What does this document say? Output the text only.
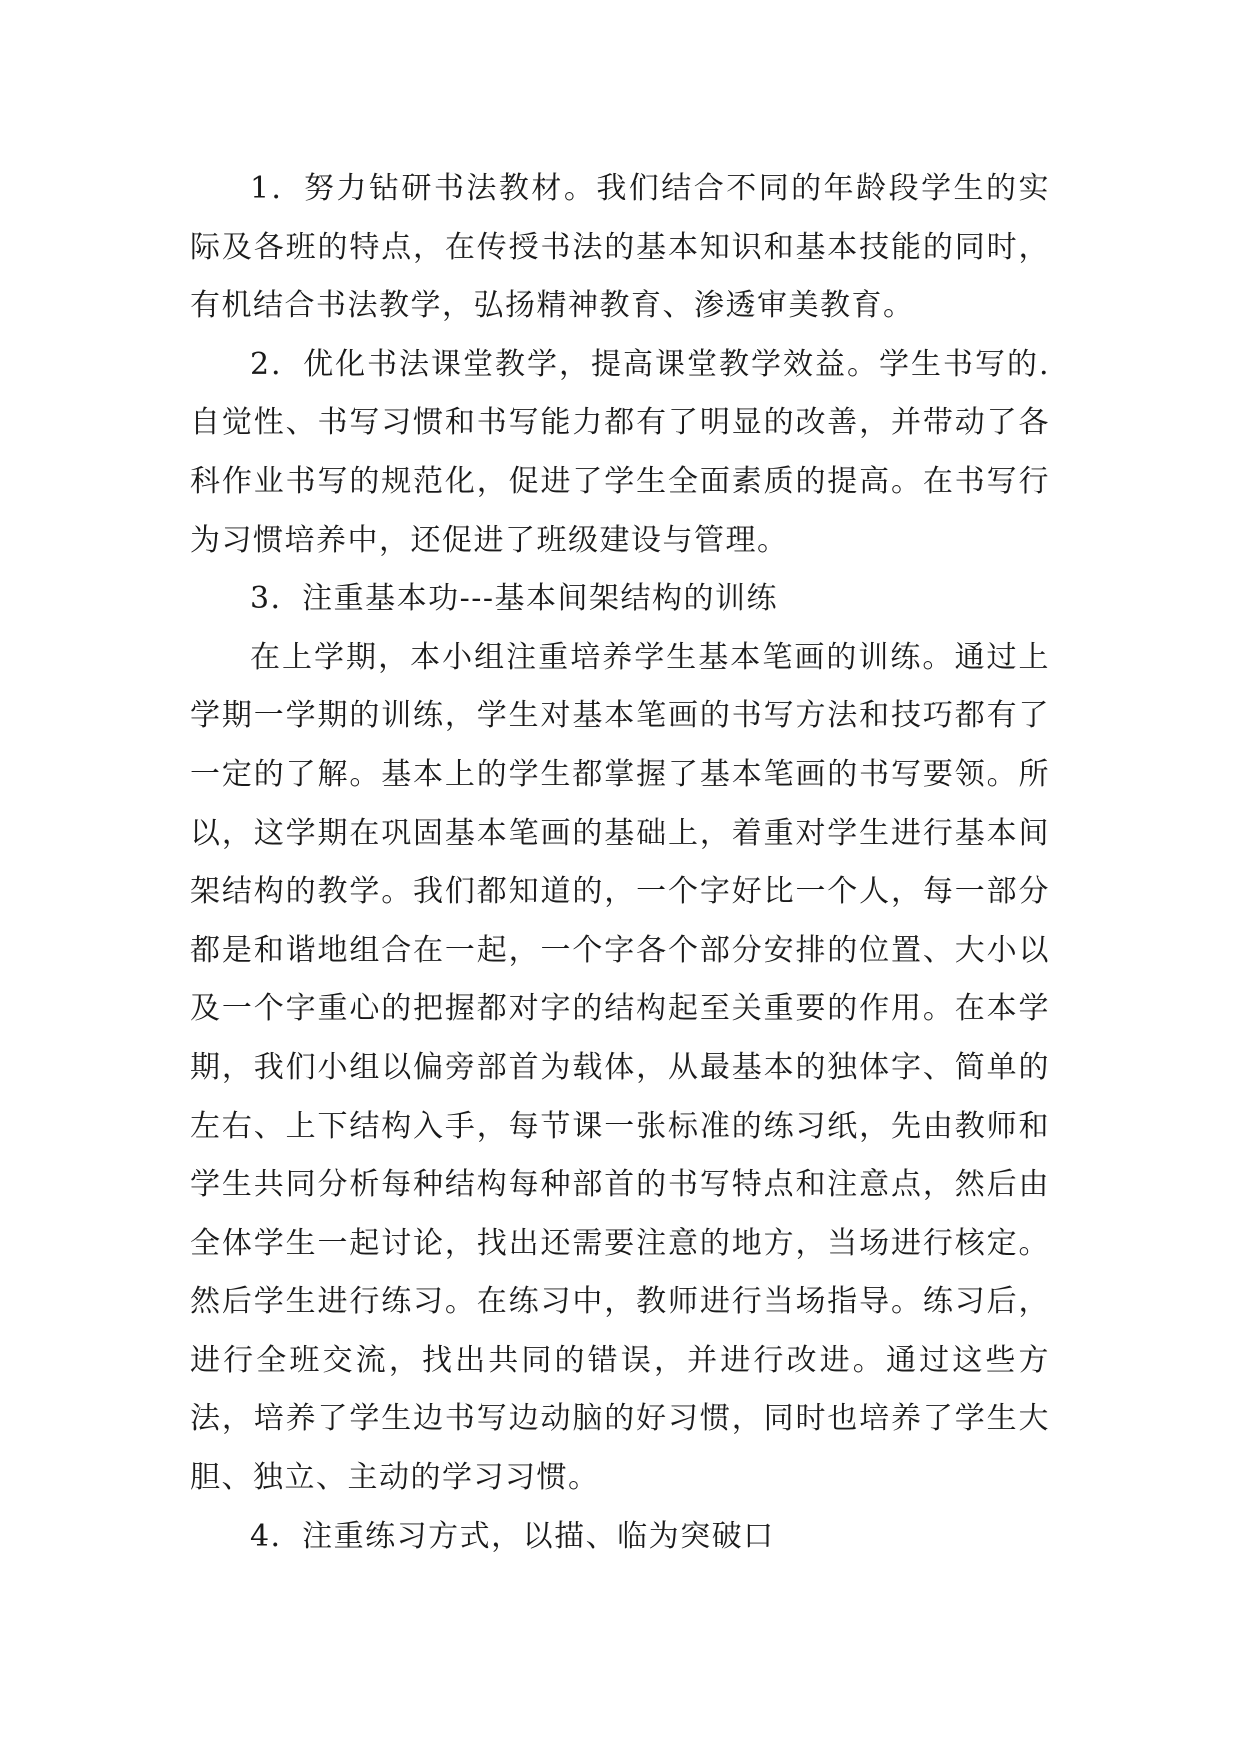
1．努力钻研书法教材。我们结合不同的年龄段学生的实际及各班的特点，在传授书法的基本知识和基本技能的同时，有机结合书法教学，弘扬精神教育、渗透审美教育。

2．优化书法课堂教学，提高课堂教学效益。学生书写的.自觉性、书写习惯和书写能力都有了明显的改善，并带动了各科作业书写的规范化，促进了学生全面素质的提高。在书写行为习惯培养中，还促进了班级建设与管理。

3．注重基本功---基本间架结构的训练

在上学期，本小组注重培养学生基本笔画的训练。通过上学期一学期的训练，学生对基本笔画的书写方法和技巧都有了一定的了解。基本上的学生都掌握了基本笔画的书写要领。所以，这学期在巩固基本笔画的基础上，着重对学生进行基本间架结构的教学。我们都知道的，一个字好比一个人，每一部分都是和谐地组合在一起，一个字各个部分安排的位置、大小以及一个字重心的把握都对字的结构起至关重要的作用。在本学期，我们小组以偏旁部首为载体，从最基本的独体字、简单的左右、上下结构入手，每节课一张标准的练习纸，先由教师和学生共同分析每种结构每种部首的书写特点和注意点，然后由全体学生一起讨论，找出还需要注意的地方，当场进行核定。然后学生进行练习。在练习中，教师进行当场指导。练习后，进行全班交流，找出共同的错误，并进行改进。通过这些方法，培养了学生边书写边动脑的好习惯，同时也培养了学生大胆、独立、主动的学习习惯。

4．注重练习方式，以描、临为突破口
